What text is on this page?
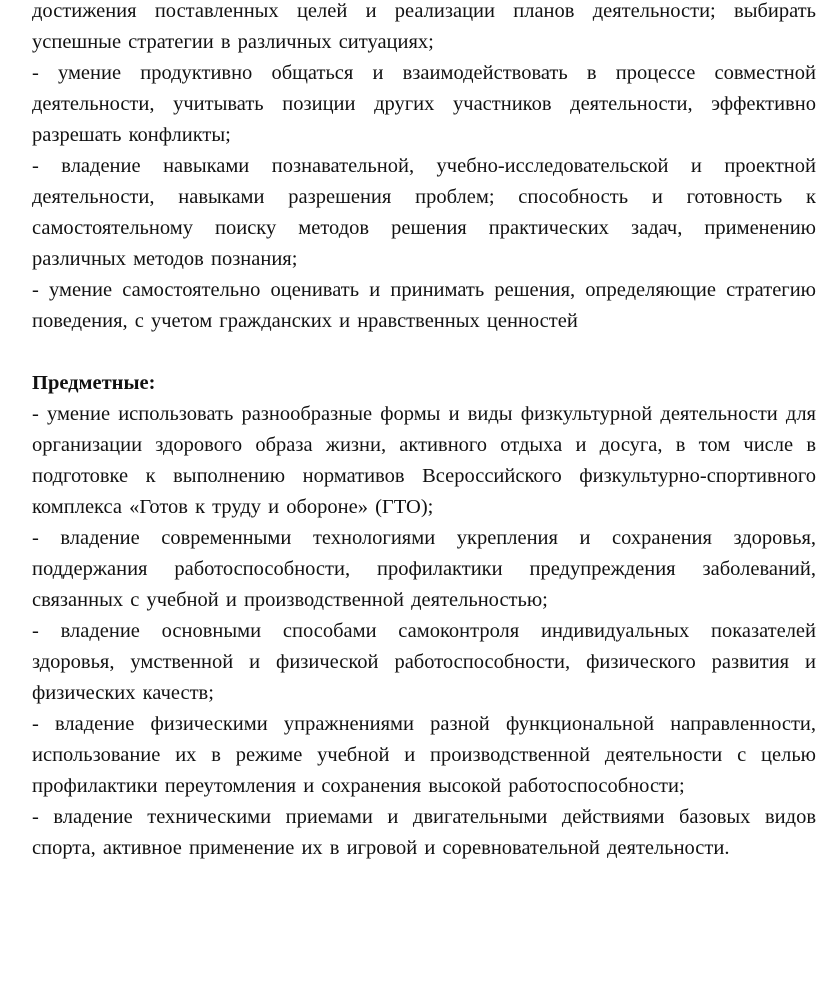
достижения поставленных целей и реализации планов деятельности; выбирать успешные стратегии в различных ситуациях;

- умение продуктивно общаться и взаимодействовать в процессе совместной деятельности, учитывать позиции других участников деятельности, эффективно разрешать конфликты;

- владение навыками познавательной, учебно-исследовательской и проектной деятельности, навыками разрешения проблем; способность и готовность к самостоятельному поиску методов решения практических задач, применению различных методов познания;

- умение самостоятельно оценивать и принимать решения, определяющие стратегию поведения, с учетом гражданских и нравственных ценностей

Предметные:

- умение использовать разнообразные формы и виды физкультурной деятельности для организации здорового образа жизни, активного отдыха и досуга, в том числе в подготовке к выполнению нормативов Всероссийского физкультурно-спортивного комплекса «Готов к труду и обороне» (ГТО);

- владение современными технологиями укрепления и сохранения здоровья, поддержания работоспособности, профилактики предупреждения заболеваний, связанных с учебной и производственной деятельностью;

- владение основными способами самоконтроля индивидуальных показателей здоровья, умственной и физической работоспособности, физического развития и физических качеств;

- владение физическими упражнениями разной функциональной направленности, использование их в режиме учебной и производственной деятельности с целью профилактики переутомления и сохранения высокой работоспособности;

- владение техническими приемами и двигательными действиями базовых видов спорта, активное применение их в игровой и соревновательной деятельности.
